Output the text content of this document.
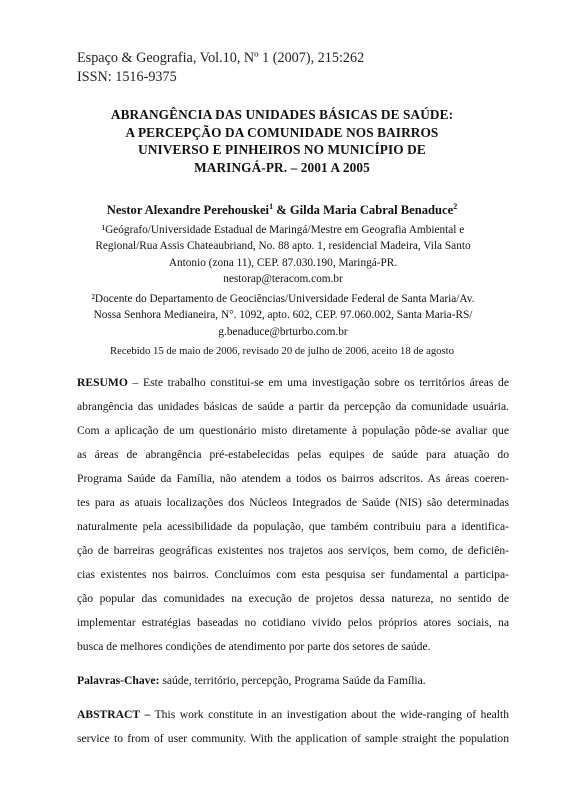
Espaço & Geografia, Vol.10, Nº 1 (2007), 215:262
ISSN: 1516-9375
ABRANGÊNCIA DAS UNIDADES BÁSICAS DE SAÚDE:
A PERCEPÇÃO DA COMUNIDADE NOS BAIRROS
UNIVERSO E PINHEIROS NO MUNICÍPIO DE
MARINGÁ-PR. – 2001 A 2005
Nestor Alexandre Perehouskei$^1$ & Gilda Maria Cabral Benaduce$^2$
¹Geógrafo/Universidade Estadual de Maringá/Mestre em Geografia Ambiental e
Regional/Rua Assis Chateaubriand, No. 88 apto. 1, residencial Madeira, Vila Santo
Antonio (zona 11), CEP. 87.030.190, Maringá-PR.
nestorap@teracom.com.br
²Docente do Departamento de Geociências/Universidade Federal de Santa Maria/Av.
Nossa Senhora Medianeira, N°. 1092, apto. 602, CEP. 97.060.002, Santa Maria-RS/
g.benaduce@brturbo.com.br
Recebido 15 de maio de 2006, revisado 20 de julho de 2006, aceito 18 de agosto
RESUMO – Este trabalho constitui-se em uma investigação sobre os territórios áreas de
abrangência das unidades básicas de saúde a partir da percepção da comunidade usuária.
Com a aplicação de um questionário misto diretamente à população pôde-se avaliar que
as áreas de abrangência pré-estabelecidas pelas equipes de saúde para atuação do
Programa Saúde da Família, não atendem a todos os bairros adscritos. As áreas coeren-
tes para as atuais localizações dos Núcleos Integrados de Saúde (NIS) são determinadas
naturalmente pela acessibilidade da população, que também contribuiu para a identifica-
ção de barreiras geográficas existentes nos trajetos aos serviços, bem como, de deficiên-
cias existentes nos bairros. Concluímos com esta pesquisa ser fundamental a participa-
ção popular das comunidades na execução de projetos dessa natureza, no sentido de
implementar estratégias baseadas no cotidiano vivido pelos próprios atores sociais, na
busca de melhores condições de atendimento por parte dos setores de saúde.
Palavras-Chave: saúde, território, percepção, Programa Saúde da Família.
ABSTRACT – This work constitute in an investigation about the wide-ranging of health
service to from of user community. With the application of sample straight the population
